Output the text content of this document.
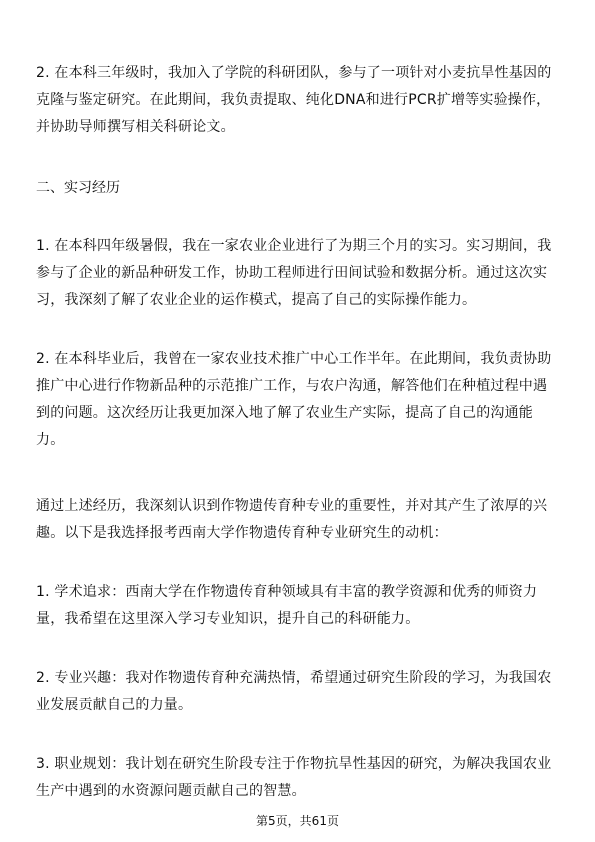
2. 在本科三年级时，我加入了学院的科研团队，参与了一项针对小麦抗旱性基因的
克隆与鉴定研究。在此期间，我负责提取、纯化DNA和进行PCR扩增等实验操作，
并协助导师撰写相关科研论文。
二、实习经历
1. 在本科四年级暑假，我在一家农业企业进行了为期三个月的实习。实习期间，我
参与了企业的新品种研发工作，协助工程师进行田间试验和数据分析。通过这次实
习，我深刻了解了农业企业的运作模式，提高了自己的实际操作能力。
2. 在本科毕业后，我曾在一家农业技术推广中心工作半年。在此期间，我负责协助
推广中心进行作物新品种的示范推广工作，与农户沟通，解答他们在种植过程中遇
到的问题。这次经历让我更加深入地了解了农业生产实际，提高了自己的沟通能
力。
通过上述经历，我深刻认识到作物遗传育种专业的重要性，并对其产生了浓厚的兴
趣。以下是我选择报考西南大学作物遗传育种专业研究生的动机：
1. 学术追求：西南大学在作物遗传育种领域具有丰富的教学资源和优秀的师资力
量，我希望在这里深入学习专业知识，提升自己的科研能力。
2. 专业兴趣：我对作物遗传育种充满热情，希望通过研究生阶段的学习，为我国农
业发展贡献自己的力量。
3. 职业规划：我计划在研究生阶段专注于作物抗旱性基因的研究，为解决我国农业
生产中遇到的水资源问题贡献自己的智慧。
第5页，共61页
